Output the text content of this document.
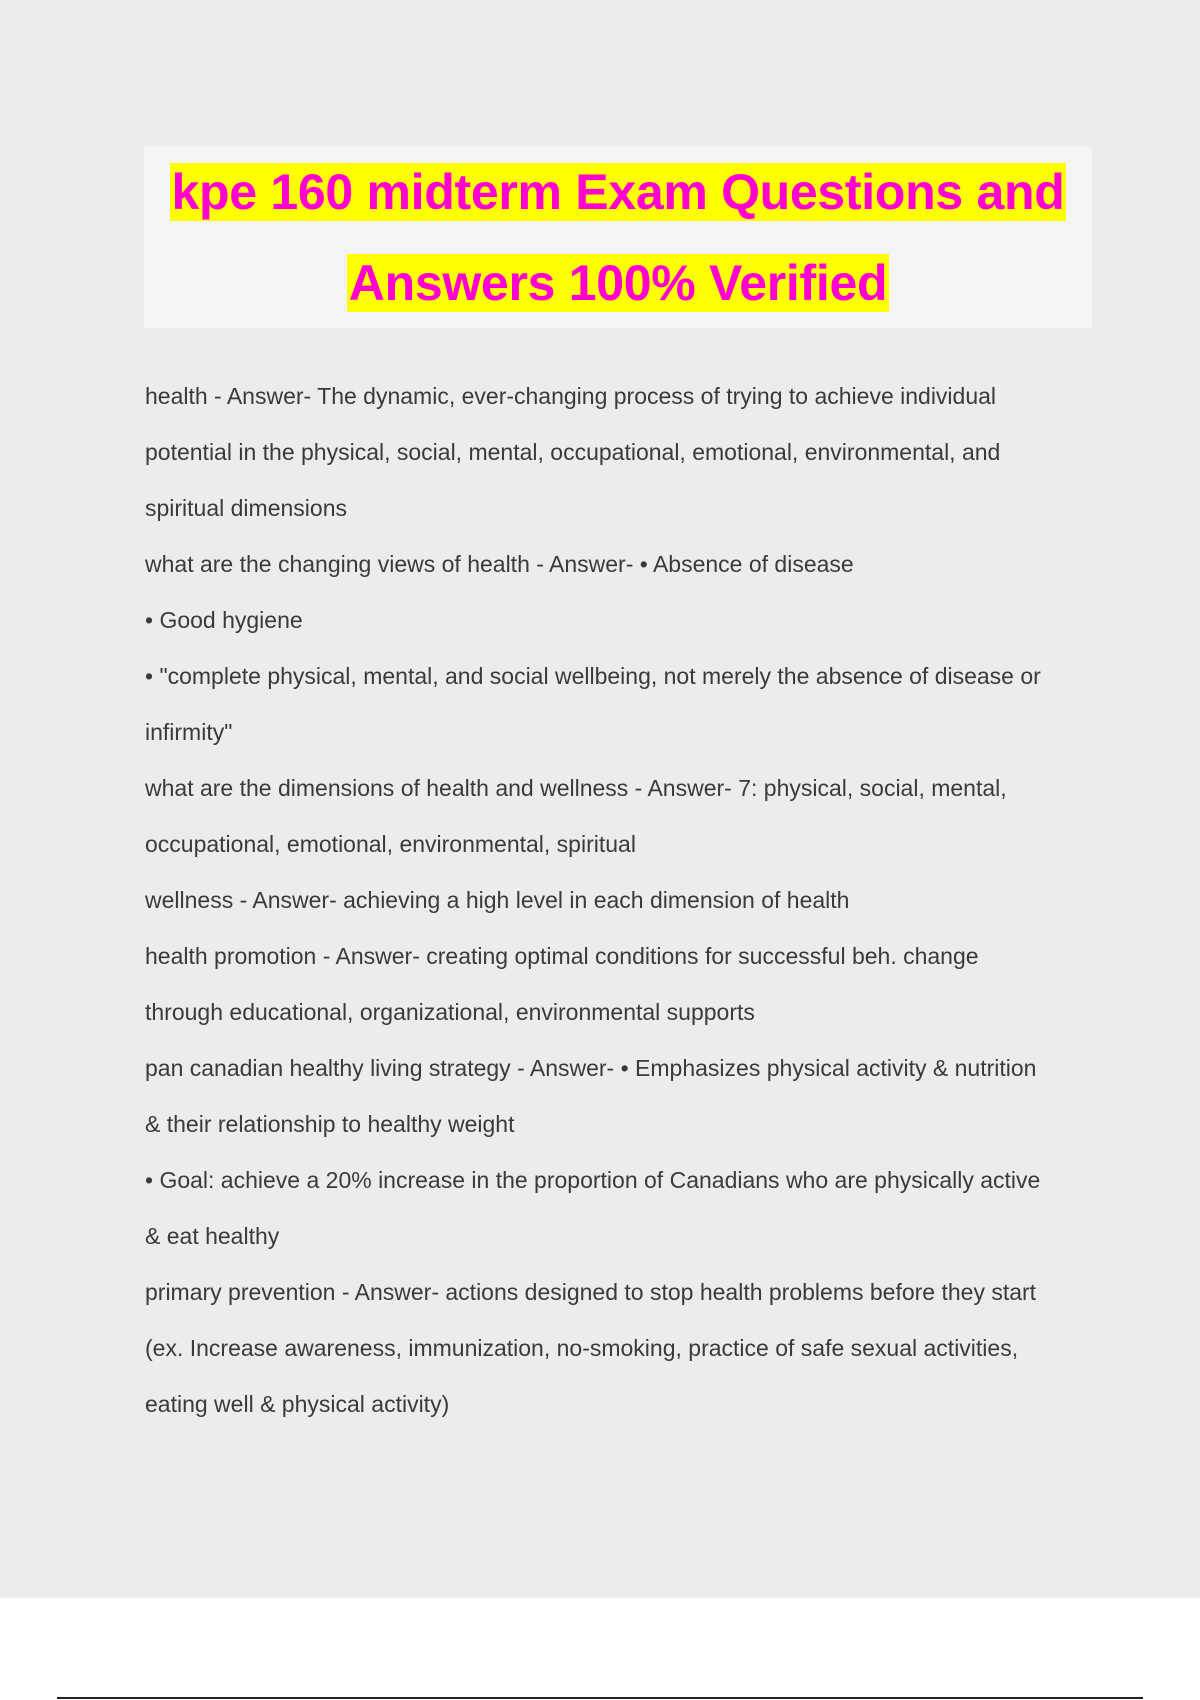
kpe 160 midterm Exam Questions and
Answers 100% Verified
health - Answer- The dynamic, ever-changing process of trying to achieve individual
potential in the physical, social, mental, occupational, emotional, environmental, and
spiritual dimensions
what are the changing views of health - Answer- • Absence of disease
• Good hygiene
• "complete physical, mental, and social wellbeing, not merely the absence of disease or
infirmity"
what are the dimensions of health and wellness - Answer- 7: physical, social, mental,
occupational, emotional, environmental, spiritual
wellness - Answer- achieving a high level in each dimension of health
health promotion - Answer- creating optimal conditions for successful beh. change
through educational, organizational, environmental supports
pan canadian healthy living strategy - Answer- • Emphasizes physical activity & nutrition
& their relationship to healthy weight
• Goal: achieve a 20% increase in the proportion of Canadians who are physically active
& eat healthy
primary prevention - Answer- actions designed to stop health problems before they start
(ex. Increase awareness, immunization, no-smoking, practice of safe sexual activities,
eating well & physical activity)
